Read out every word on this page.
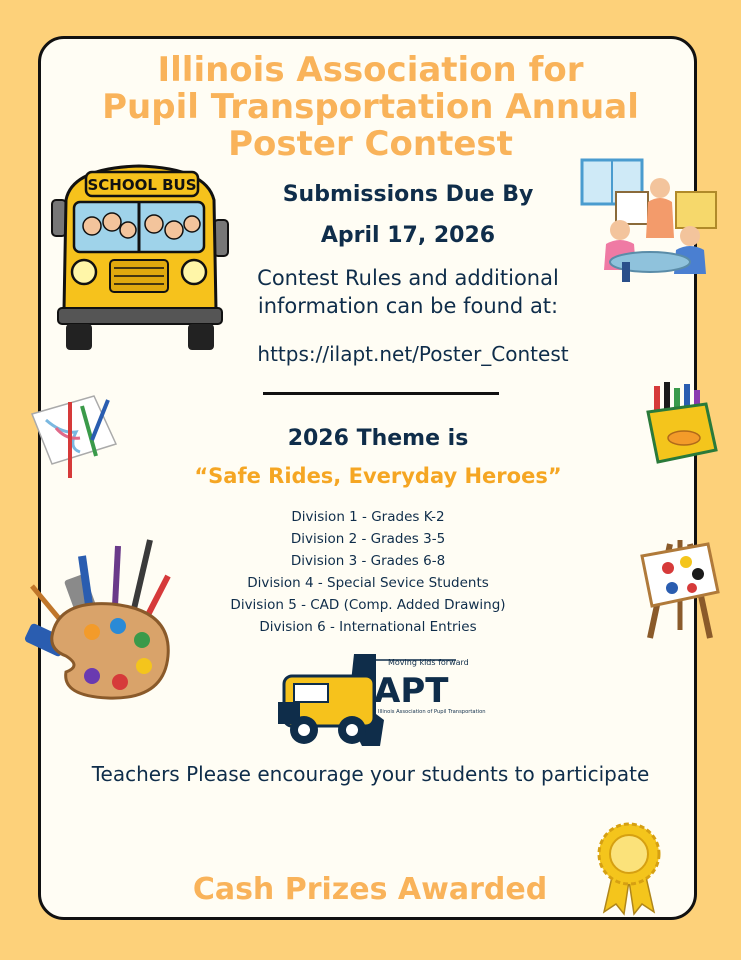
Illinois Association for
Pupil Transportation Annual
Poster Contest
SCHOOL BUS	Submissions Due By
April 17, 2026
Contest Rules and additional
information can be found at:
https://ilapt.net/Poster_Contest
2026 Theme is
“Safe Rides, Everyday Heroes”
Division 1 - Grades K-2
Division 2 - Grades 3-5
Division 3 - Grades 6-8
Division 4 - Special Sevice Students
Division 5 - CAD (Comp. Added Drawing)
Division 6 - International Entries
Moving kids forward
APT
Illinois Association of Pupil Transportation
Teachers Please encourage your students to participate
Cash Prizes Awarded
